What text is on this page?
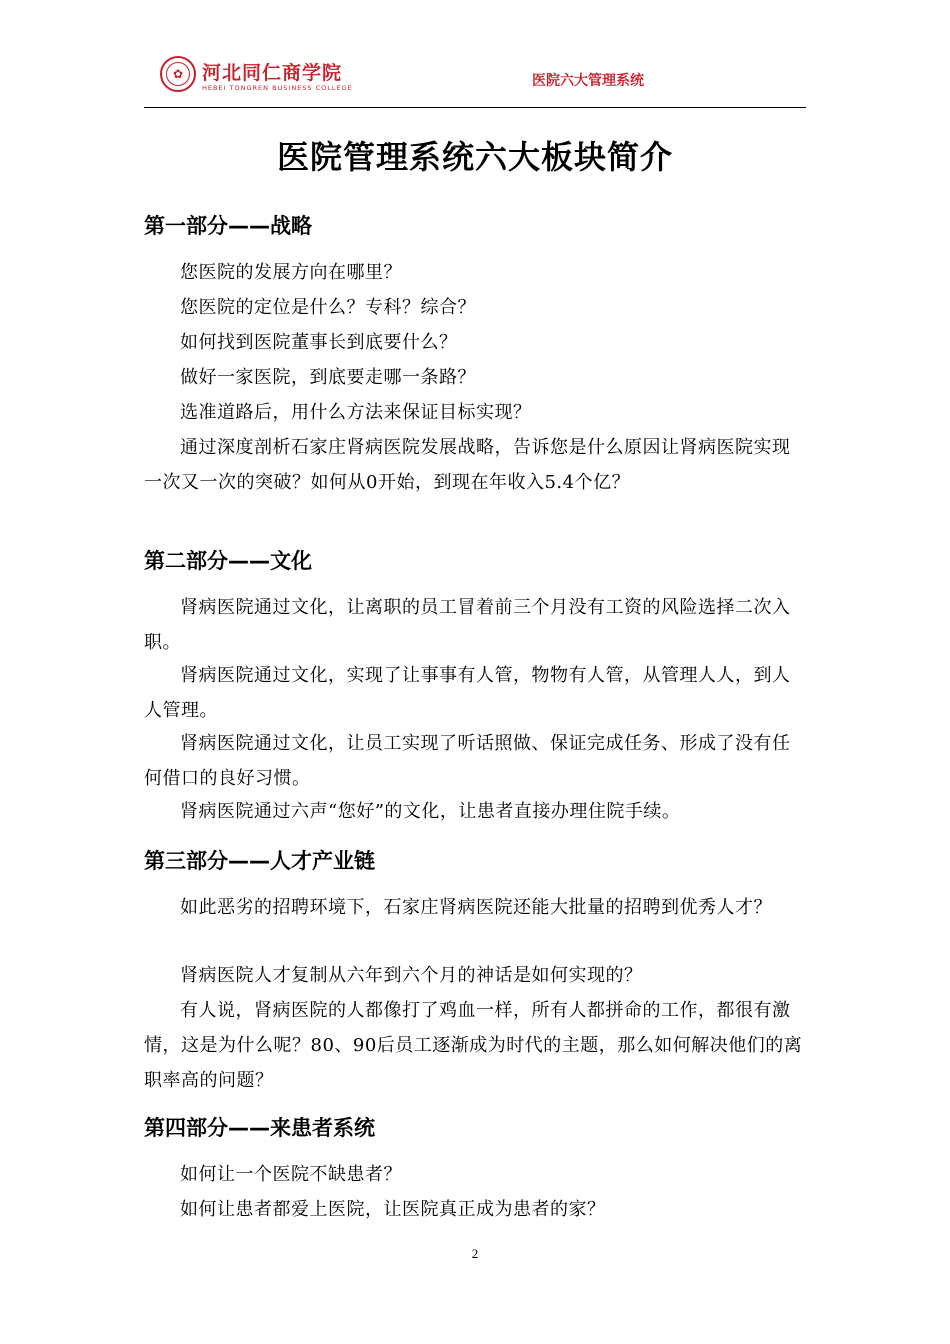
✿ 河北同仁商学院
HEBEI TONGREN BUSINESS COLLEGE	医院六大管理系统
医院管理系统六大板块简介
第一部分——战略
您医院的发展方向在哪里？
您医院的定位是什么？专科？综合？
如何找到医院董事长到底要什么？
做好一家医院，到底要走哪一条路？
选准道路后，用什么方法来保证目标实现？
通过深度剖析石家庄肾病医院发展战略，告诉您是什么原因让肾病医院实现一次又一次的突破？如何从0开始，到现在年收入5.4个亿？
第二部分——文化
肾病医院通过文化，让离职的员工冒着前三个月没有工资的风险选择二次入职。
肾病医院通过文化，实现了让事事有人管，物物有人管，从管理人人，到人人管理。
肾病医院通过文化，让员工实现了听话照做、保证完成任务、形成了没有任何借口的良好习惯。
肾病医院通过六声“您好”的文化，让患者直接办理住院手续。
第三部分——人才产业链
如此恶劣的招聘环境下，石家庄肾病医院还能大批量的招聘到优秀人才？
肾病医院人才复制从六年到六个月的神话是如何实现的？
有人说，肾病医院的人都像打了鸡血一样，所有人都拼命的工作，都很有激情，这是为什么呢？80、90后员工逐渐成为时代的主题，那么如何解决他们的离职率高的问题？
第四部分——来患者系统
如何让一个医院不缺患者？
如何让患者都爱上医院，让医院真正成为患者的家？
2
